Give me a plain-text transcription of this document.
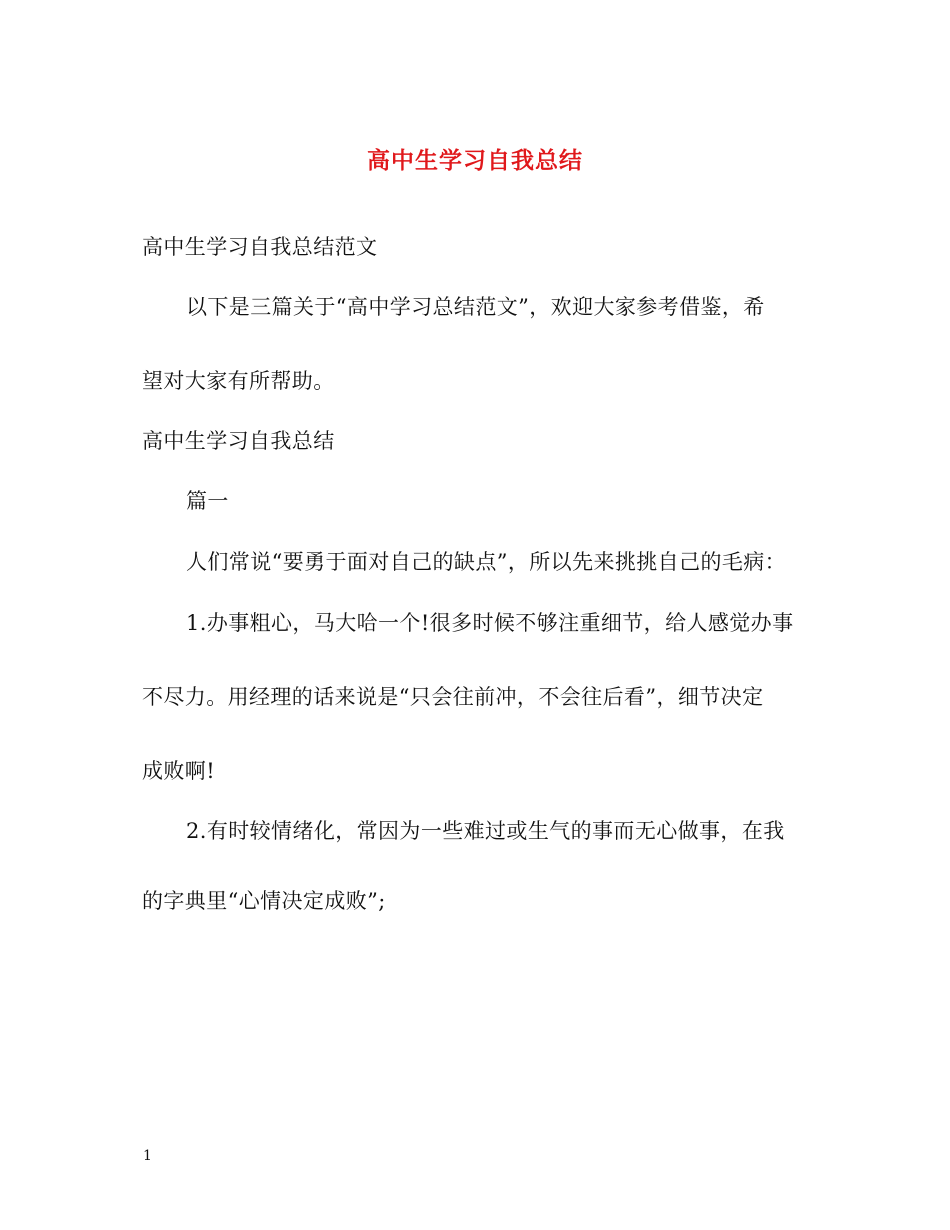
高中生学习自我总结
高中生学习自我总结范文
以下是三篇关于“高中学习总结范文”，欢迎大家参考借鉴，希
望对大家有所帮助。
高中生学习自我总结
篇一
人们常说“要勇于面对自己的缺点”，所以先来挑挑自己的毛病：
1.办事粗心，马大哈一个!很多时候不够注重细节，给人感觉办事
不尽力。用经理的话来说是“只会往前冲，不会往后看”，细节决定
成败啊!
2.有时较情绪化，常因为一些难过或生气的事而无心做事，在我
的字典里“心情决定成败”;
1
